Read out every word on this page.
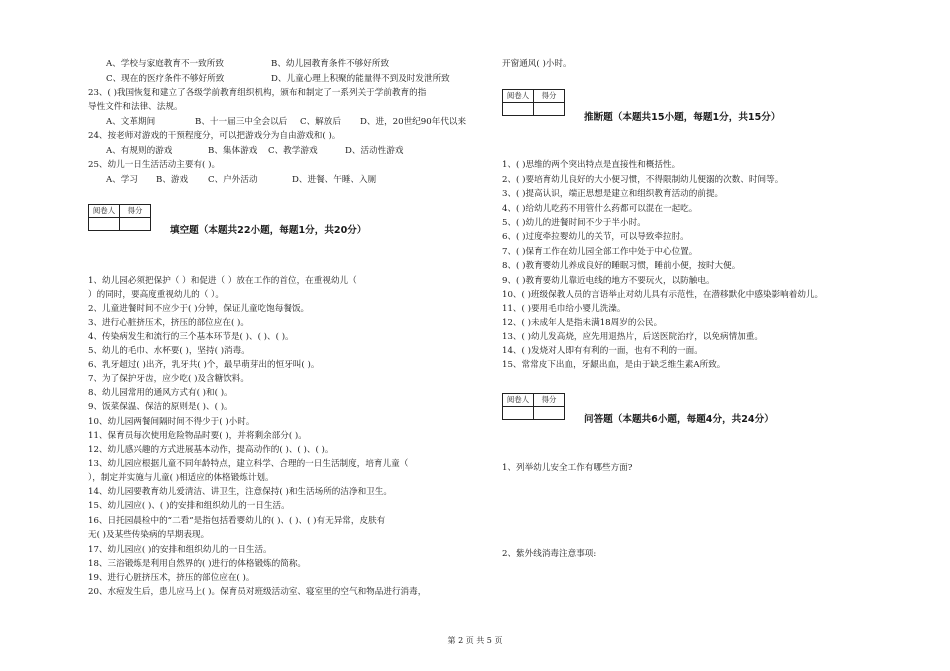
A、学校与家庭教育不一致所致	B、幼儿园教育条件不够好所致
C、现在的医疗条件不够好所致	D、儿童心理上积聚的能量得不到及时发泄所致
23、( )我国恢复和建立了各级学前教育组织机构，颁布和制定了一系列关于学前教育的指
导性文件和法律、法规。
A、文革期间	B、十一届三中全会以后 C、解放后 D、进，20世纪90年代以来
24、按老师对游戏的干预程度分，可以把游戏分为自由游戏和( )。
A、有规则的游戏	B、集体游戏 C、教学游戏	D、活动性游戏
25、幼儿一日生活活动主要有( )。
A、学习 B、游戏 C、户外活动	D、进餐、午睡、入厕
阅卷人	得分

填空题（本题共22小题，每题1分，共20分）
1、幼儿园必须把保护（ ）和促进（ ）放在工作的首位，在重视幼儿（
）的同时，要高度重视幼儿的（ ）。
2、儿童进餐时间不应少于( )分钟，保证儿童吃饱每餐饭。
3、进行心脏挤压术，挤压的部位应在( )。
4、传染病发生和流行的三个基本环节是( )、( )、( )。
5、幼儿的毛巾、水杯要( )，坚持( )消毒。
6、乳牙超过( )出齐，乳牙共( )个，最早萌芽出的恒牙叫( )。
7、为了保护牙齿，应少吃( )及含糖饮料。
8、幼儿园常用的通风方式有( )和( )。
9、饭菜保温、保洁的原则是( )、( )。
10、幼儿园两餐间隔时间不得少于( )小时。
11、保育员每次使用危险物品时要( )，并将剩余部分( )。
12、幼儿感兴趣的方式进展基本动作，提高动作的( )、( )、( )。
13、幼儿园应根据儿童不同年龄特点，建立科学、合理的一日生活制度，培育儿童（
），制定并实施与儿童( )相适应的体格锻炼计划。
14、幼儿园要教育幼儿爱清洁、讲卫生，注意保持( )和生活场所的洁净和卫生。
15、幼儿园应( )、( )的安排和组织幼儿的一日生活。
16、日托园晨检中的“二看”是指包括看婴幼儿的( )、( )、( )有无异常，皮肤有
无( )及某些传染病的早期表现。
17、幼儿园应( )的安排和组织幼儿的一日生活。
18、三浴锻炼是利用自然界的( )进行的体格锻炼的简称。
19、进行心脏挤压术，挤压的部位应在( )。
20、水痘发生后，患儿应马上( )。保育员对班级活动室、寝室里的空气和物品进行消毒，
开窗通风( )小时。
阅卷人	得分

推断题（本题共15小题，每题1分，共15分）
1、( )思维的两个突出特点是直接性和概括性。
2、( )要培育幼儿良好的大小便习惯，不得限制幼儿便溺的次数、时间等。
3、( )提高认识，端正思想是建立和组织教育活动的前提。
4、( )给幼儿吃药不用管什么药都可以混在一起吃。
5、( )幼儿的进餐时间不少于半小时。
6、( )过度牵拉婴幼儿的关节，可以导致牵拉肘。
7、( )保育工作在幼儿园全部工作中处于中心位置。
8、( )教育婴幼儿养成良好的睡眠习惯，睡前小便，按时大便。
9、( )教育要幼儿靠近电线的地方不要玩火，以防触电。
10、( )班级保教人员的言语举止对幼儿具有示范性，在潜移默化中感染影响着幼儿。
11、( )要用毛巾给小婴儿洗澡。
12、( )未成年人是指未满18周岁的公民。
13、( )幼儿发高烧，应先用退热片，后送医院治疗，以免病情加重。
14、( )发烧对人即有有利的一面，也有不利的一面。
15、常常皮下出血，牙龈出血，是由于缺乏维生素A所致。
阅卷人	得分

问答题（本题共6小题，每题4分，共24分）
1、列举幼儿安全工作有哪些方面?
2、紫外线消毒注意事项:
第 2 页 共 5 页
